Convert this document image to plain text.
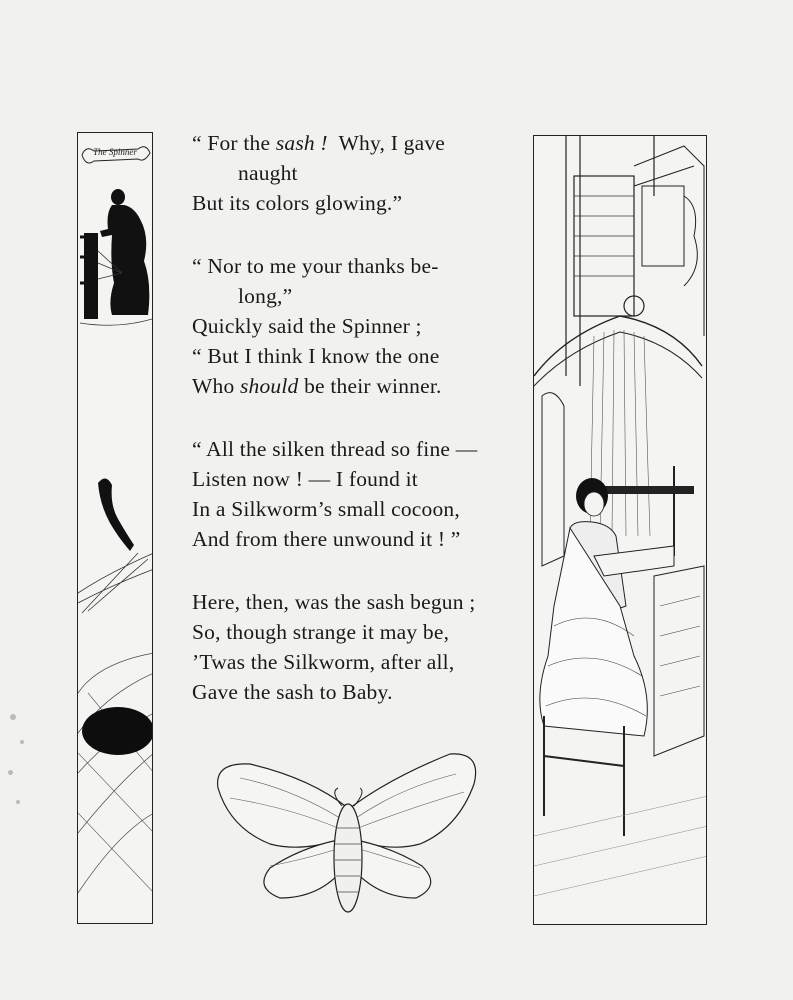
The Spinner	“ For the sash !  Why, I gave
naught
But its colors glowing.”
“ Nor to me your thanks be-
long,”
Quickly said the Spinner ;
“ But I think I know the one
Who should be their winner.
“ All the silken thread so fine —
Listen now ! — I found it
In a Silkworm’s small cocoon,
And from there unwound it ! ”
Here, then, was the sash begun ;
So, though strange it may be,
’Twas the Silkworm, after all,
Gave the sash to Baby.
